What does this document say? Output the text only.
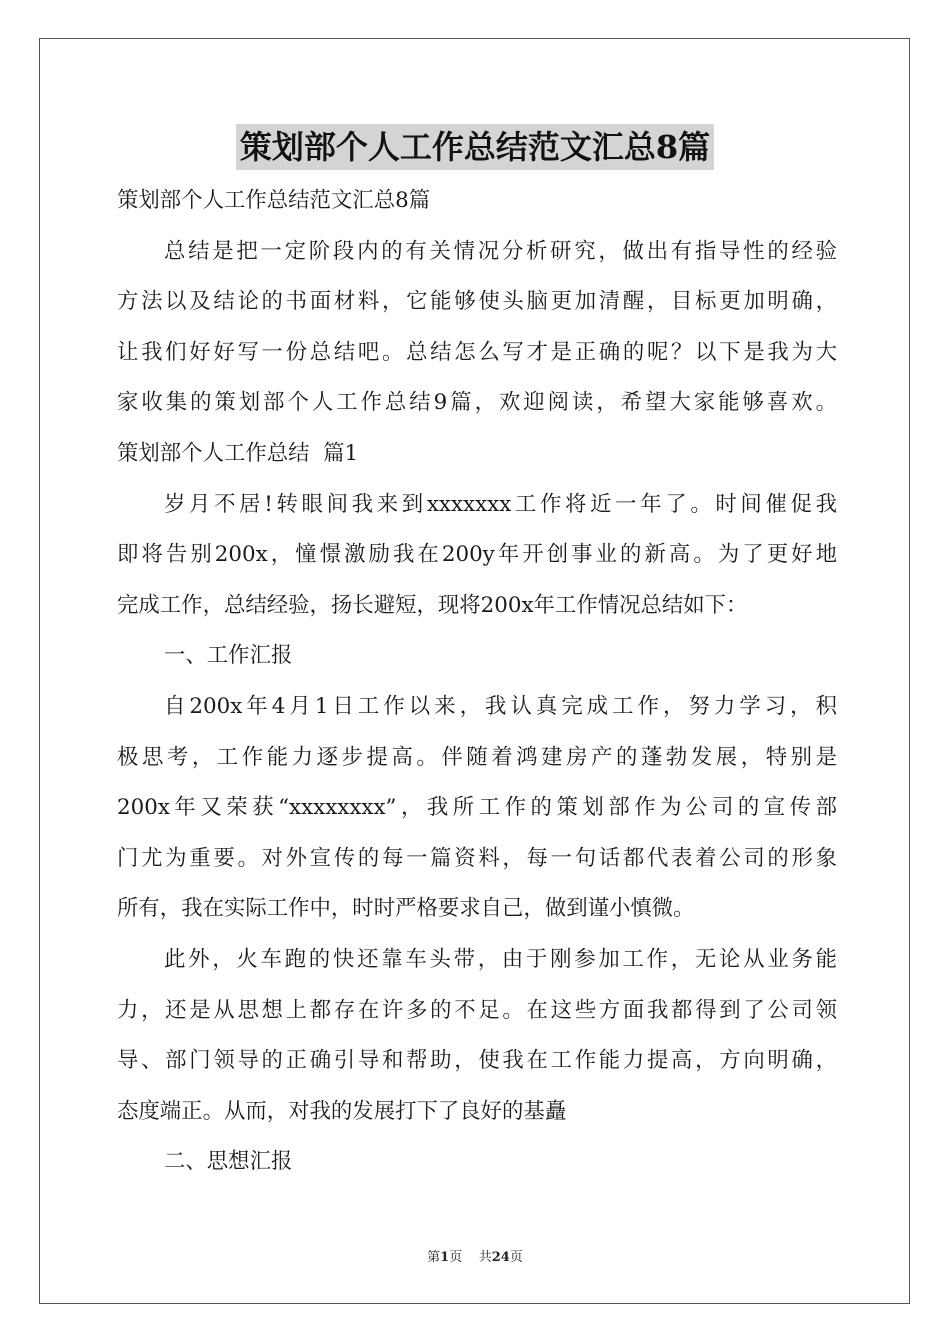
策划部个人工作总结范文汇总8篇
策划部个人工作总结范文汇总8篇
总结是把一定阶段内的有关情况分析研究，做出有指导性的经验
方法以及结论的书面材料，它能够使头脑更加清醒，目标更加明确，
让我们好好写一份总结吧。总结怎么写才是正确的呢？以下是我为大
家收集的策划部个人工作总结9篇，欢迎阅读，希望大家能够喜欢。
策划部个人工作总结  篇1
岁月不居!转眼间我来到xxxxxxx工作将近一年了。时间催促我
即将告别200x，憧憬激励我在200y年开创事业的新高。为了更好地
完成工作，总结经验，扬长避短，现将200x年工作情况总结如下：
一、工作汇报
自200x年4月1日工作以来，我认真完成工作，努力学习，积
极思考，工作能力逐步提高。伴随着鸿建房产的蓬勃发展，特别是
200x年又荣获“xxxxxxxx”，我所工作的策划部作为公司的宣传部
门尤为重要。对外宣传的每一篇资料，每一句话都代表着公司的形象
所有，我在实际工作中，时时严格要求自己，做到谨小慎微。
此外，火车跑的快还靠车头带，由于刚参加工作，无论从业务能
力，还是从思想上都存在许多的不足。在这些方面我都得到了公司领
导、部门领导的正确引导和帮助，使我在工作能力提高，方向明确，
态度端正。从而，对我的发展打下了良好的基矗
二、思想汇报
第1页    共24页
